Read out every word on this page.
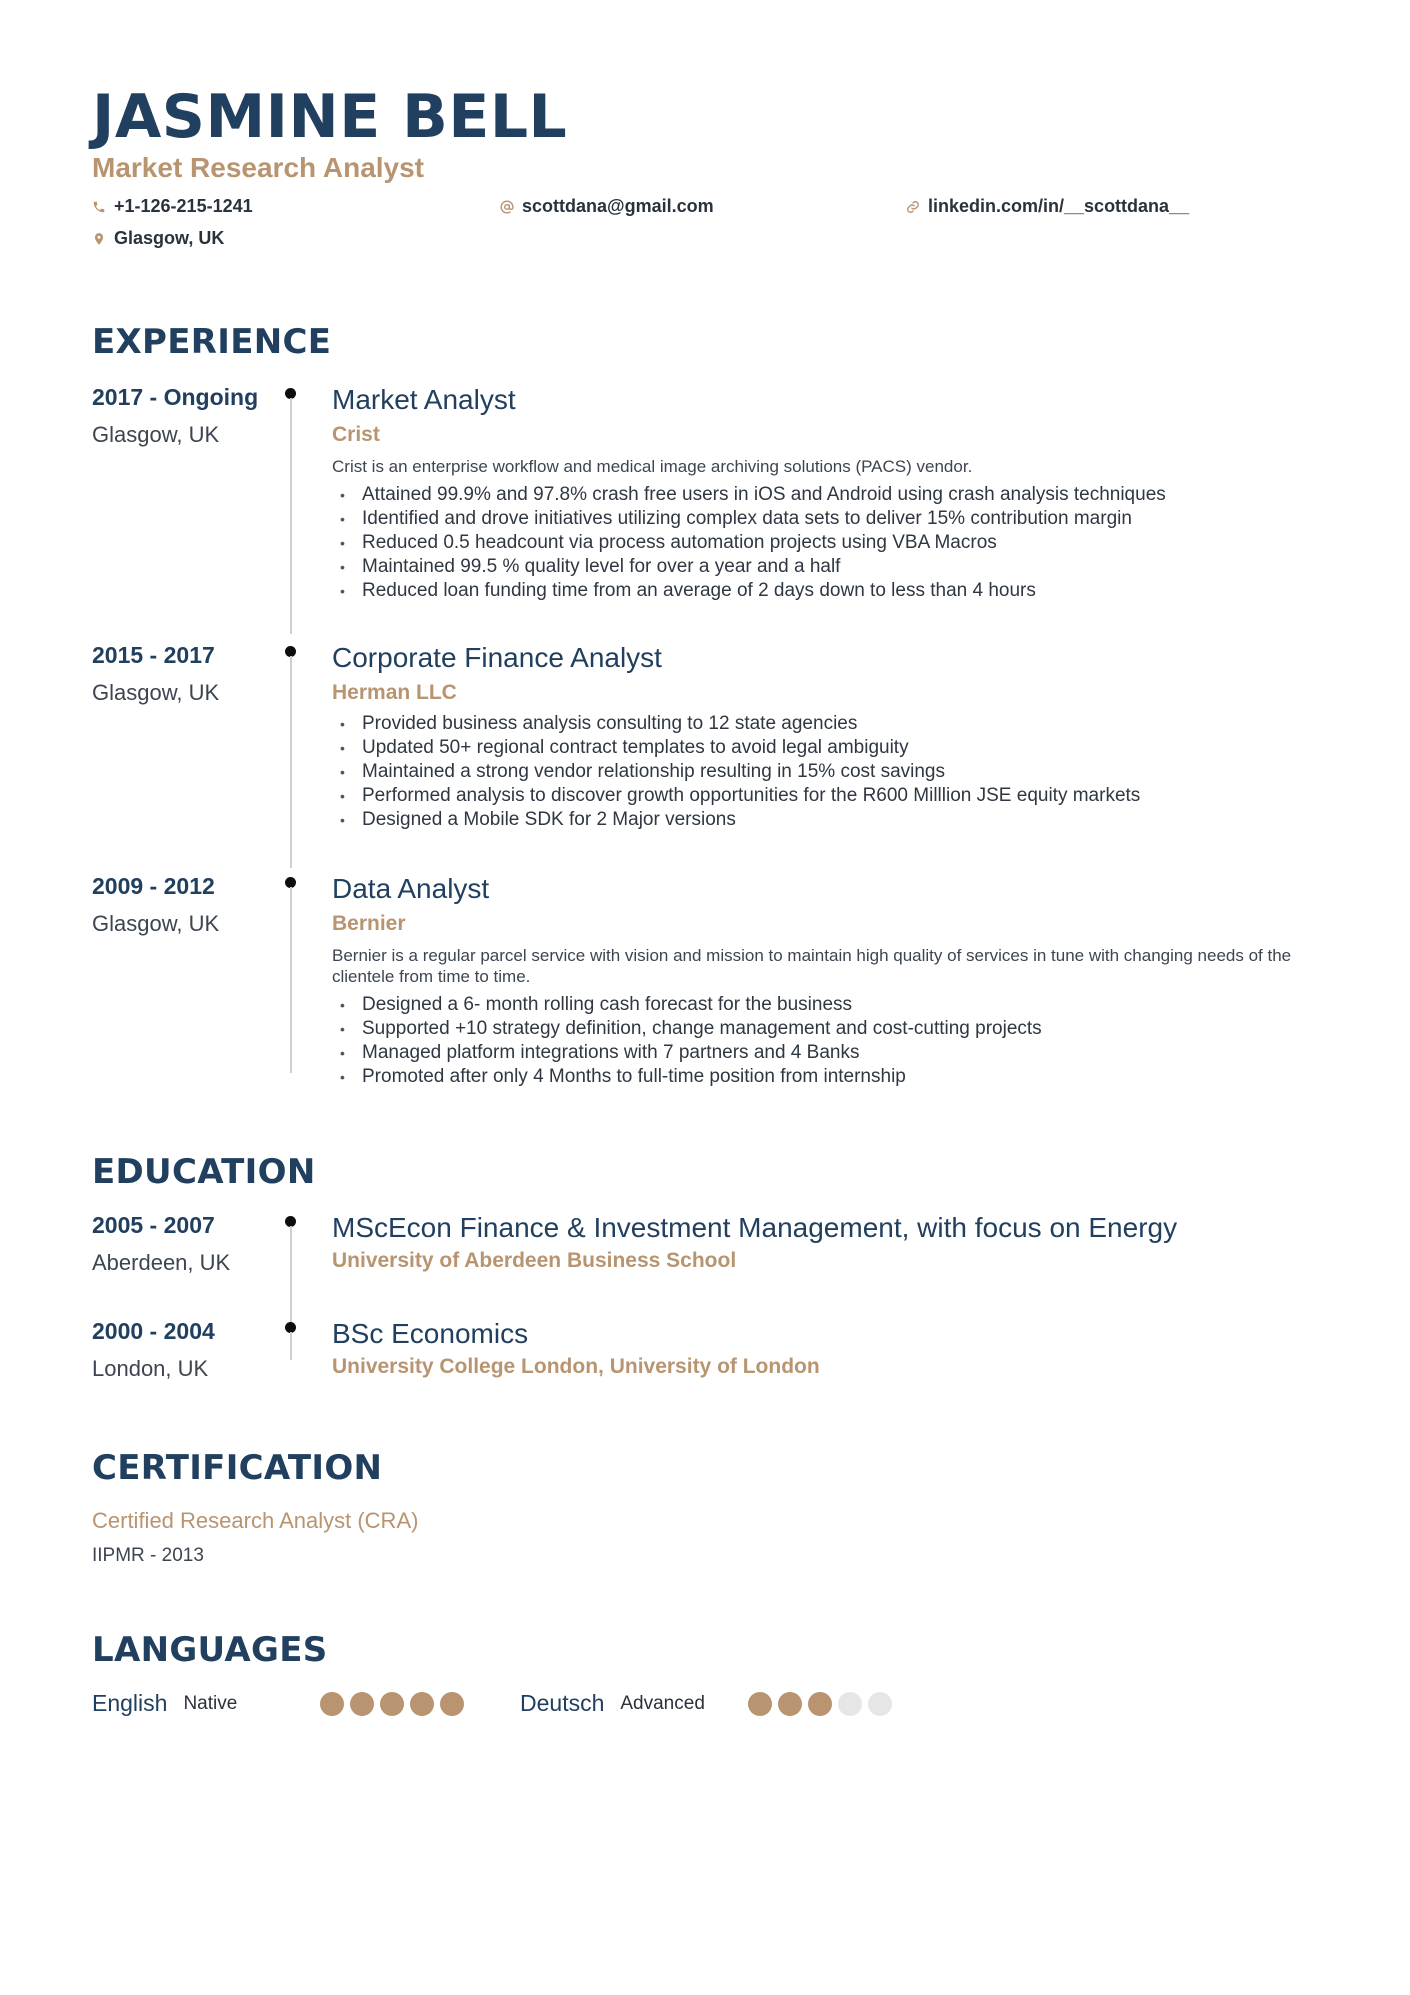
JASMINE BELL
Market Research Analyst
+1-126-215-1241	scottdana@gmail.com	linkedin.com/in/__scottdana__
Glasgow, UK
EXPERIENCE
2017 - Ongoing
Glasgow, UK
Market Analyst
Crist
Crist is an enterprise workflow and medical image archiving solutions (PACS) vendor.
• Attained 99.9% and 97.8% crash free users in iOS and Android using crash analysis techniques
• Identified and drove initiatives utilizing complex data sets to deliver 15% contribution margin
• Reduced 0.5 headcount via process automation projects using VBA Macros
• Maintained 99.5 % quality level for over a year and a half
• Reduced loan funding time from an average of 2 days down to less than 4 hours
2015 - 2017
Glasgow, UK
Corporate Finance Analyst
Herman LLC
• Provided business analysis consulting to 12 state agencies
• Updated 50+ regional contract templates to avoid legal ambiguity
• Maintained a strong vendor relationship resulting in 15% cost savings
• Performed analysis to discover growth opportunities for the R600 Milllion JSE equity markets
• Designed a Mobile SDK for 2 Major versions
2009 - 2012
Glasgow, UK
Data Analyst
Bernier
Bernier is a regular parcel service with vision and mission to maintain high quality of services in tune with changing needs of the clientele from time to time.
• Designed a 6- month rolling cash forecast for the business
• Supported +10 strategy definition, change management and cost-cutting projects
• Managed platform integrations with 7 partners and 4 Banks
• Promoted after only 4 Months to full-time position from internship
EDUCATION
2005 - 2007
Aberdeen, UK
MScEcon Finance & Investment Management, with focus on Energy
University of Aberdeen Business School
2000 - 2004
London, UK
BSc Economics
University College London, University of London
CERTIFICATION
Certified Research Analyst (CRA)
IIPMR - 2013
LANGUAGES
English Native	Deutsch Advanced
